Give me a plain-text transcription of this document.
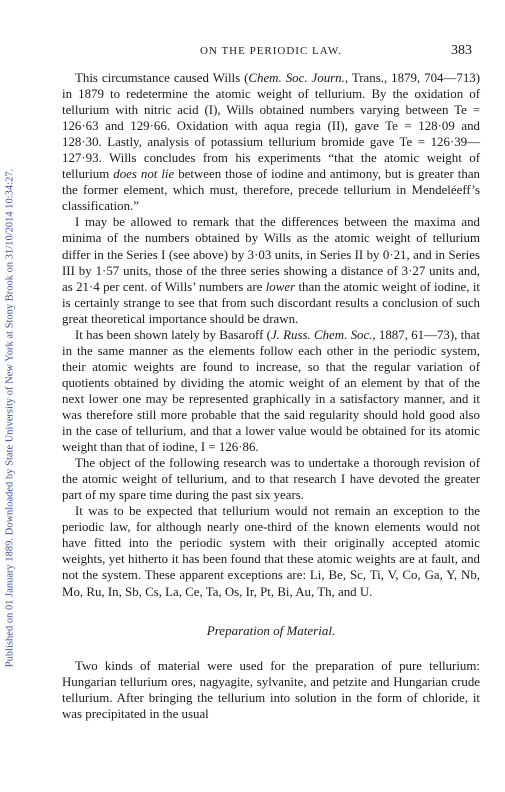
Published on 01 January 1889. Downloaded by State University of New York at Stony Brook on 31/10/2014 10:34:27.
ON THE PERIODIC LAW.	383

This circumstance caused Wills (Chem. Soc. Journ., Trans., 1879, 704—713) in 1879 to redetermine the atomic weight of tellurium. By the oxidation of tellurium with nitric acid (I), Wills obtained numbers varying between Te = 126·63 and 129·66. Oxidation with aqua regia (II), gave Te = 128·09 and 128·30. Lastly, analysis of potassium tellurium bromide gave Te = 126·39—127·93. Wills concludes from his experiments “that the atomic weight of tellurium does not lie between those of iodine and antimony, but is greater than the former element, which must, therefore, precede tellurium in Mendeléeff’s classification.”

I may be allowed to remark that the differences between the maxima and minima of the numbers obtained by Wills as the atomic weight of tellurium differ in the Series I (see above) by 3·03 units, in Series II by 0·21, and in Series III by 1·57 units, those of the three series showing a distance of 3·27 units and, as 21·4 per cent. of Wills’ numbers are lower than the atomic weight of iodine, it is certainly strange to see that from such discordant results a conclusion of such great theoretical importance should be drawn.

It has been shown lately by Basaroff (J. Russ. Chem. Soc., 1887, 61—73), that in the same manner as the elements follow each other in the periodic system, their atomic weights are found to increase, so that the regular variation of quotients obtained by dividing the atomic weight of an element by that of the next lower one may be represented graphically in a satisfactory manner, and it was therefore still more probable that the said regularity should hold good also in the case of tellurium, and that a lower value would be obtained for its atomic weight than that of iodine, I = 126·86.

The object of the following research was to undertake a thorough revision of the atomic weight of tellurium, and to that research I have devoted the greater part of my spare time during the past six years.

It was to be expected that tellurium would not remain an exception to the periodic law, for although nearly one-third of the known elements would not have fitted into the periodic system with their originally accepted atomic weights, yet hitherto it has been found that these atomic weights are at fault, and not the system. These apparent exceptions are: Li, Be, Sc, Ti, V, Co, Ga, Y, Nb, Mo, Ru, In, Sb, Cs, La, Ce, Ta, Os, Ir, Pt, Bi, Au, Th, and U.

Preparation of Material.

Two kinds of material were used for the preparation of pure tellurium: Hungarian tellurium ores, nagyagite, sylvanite, and petzite and Hungarian crude tellurium. After bringing the tellurium into solution in the form of chloride, it was precipitated in the usual
